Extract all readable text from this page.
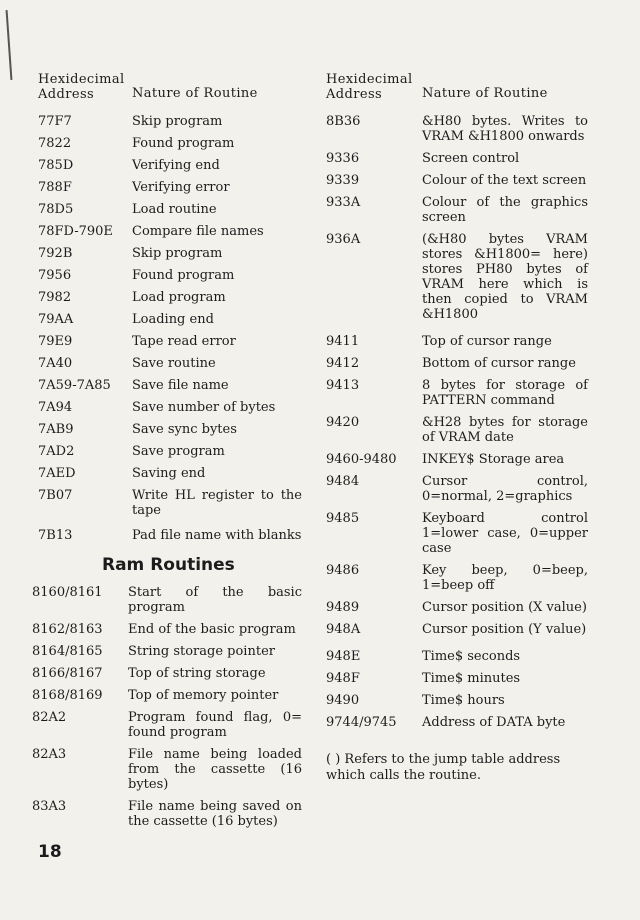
Hexidecimal
Address	Nature of Routine
77F7	Skip program
7822	Found program
785D	Verifying end
788F	Verifying error
78D5	Load routine
78FD-790E	Compare file names
792B	Skip program
7956	Found program
7982	Load program
79AA	Loading end
79E9	Tape read error
7A40	Save routine
7A59-7A85	Save file name
7A94	Save number of bytes
7AB9	Save sync bytes
7AD2	Save program
7AED	Saving end
7B07	Write HL register to the tape
7B13	Pad file name with blanks
Ram Routines
8160/8161	Start of the basic program
8162/8163	End of the basic program
8164/8165	String storage pointer
8166/8167	Top of string storage
8168/8169	Top of memory pointer
82A2	Program found flag, 0= found program
82A3	File name being loaded from the cassette (16 bytes)
83A3	File name being saved on the cassette (16 bytes)
Hexidecimal
Address	Nature of Routine
8B36	&H80 bytes. Writes to VRAM &H1800 onwards
9336	Screen control
9339	Colour of the text screen
933A	Colour of the graphics screen
936A	(&H80 bytes VRAM stores &H1800= here) stores PH80 bytes of VRAM here which is then copied to VRAM &H1800
9411	Top of cursor range
9412	Bottom of cursor range
9413	8 bytes for storage of PATTERN command
9420	&H28 bytes for storage of VRAM date
9460-9480	INKEY$ Storage area
9484	Cursor control, 0=normal, 2=graphics
9485	Keyboard control 1=lower case, 0=upper case
9486	Key beep, 0=beep, 1=beep off
9489	Cursor position (X value)
948A	Cursor position (Y value)
948E	Time$ seconds
948F	Time$ minutes
9490	Time$ hours
9744/9745	Address of DATA byte
( ) Refers to the jump table address which calls the routine.
18
